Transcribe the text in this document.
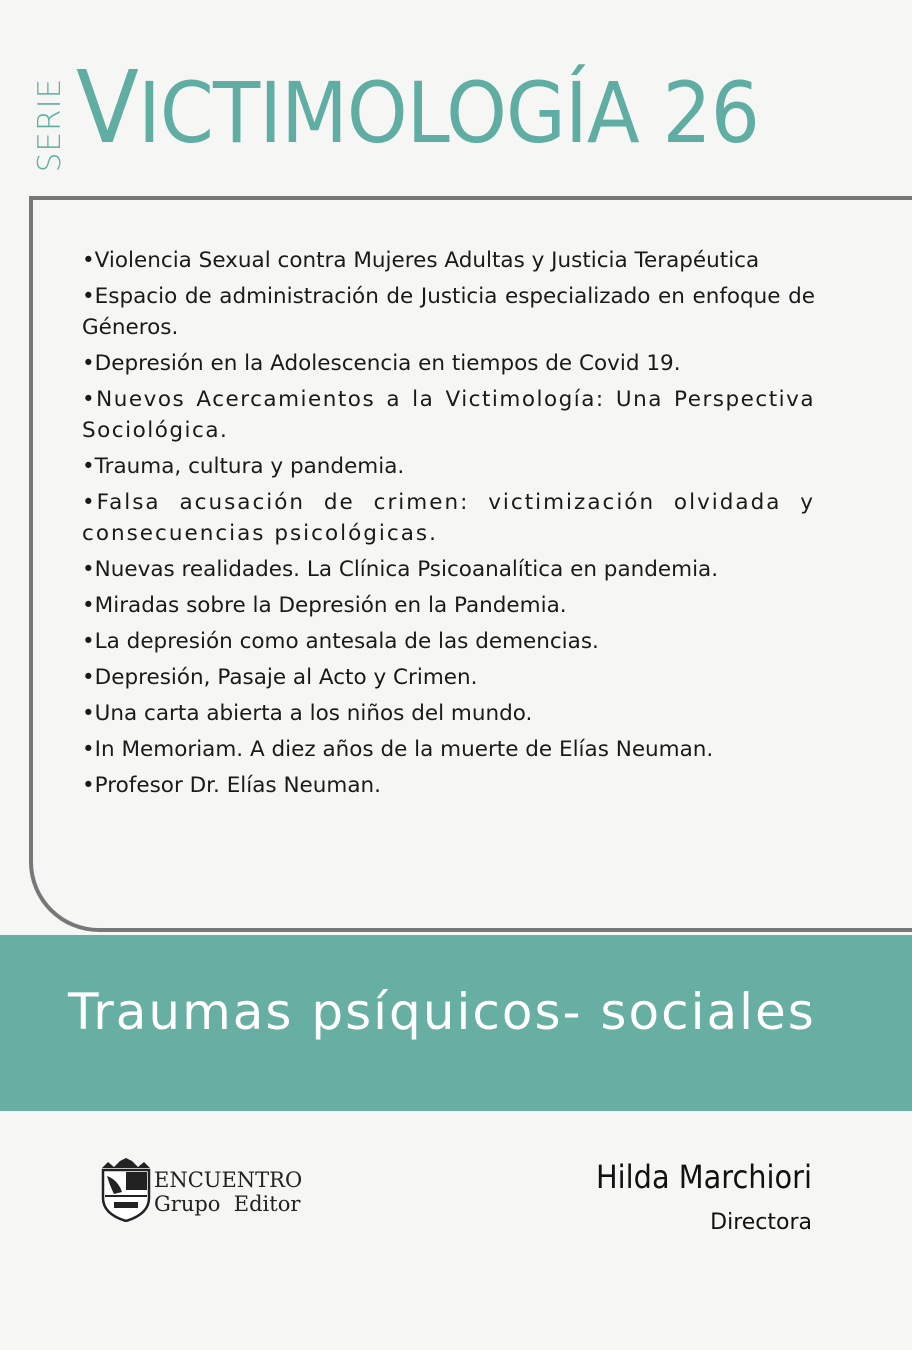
SERIE VICTIMOLOGÍA 26
•Violencia Sexual contra Mujeres Adultas y Justicia Terapéutica
•Espacio de administración de Justicia especializado en enfoque de Géneros.
•Depresión en la Adolescencia en tiempos de Covid 19.
•Nuevos Acercamientos a la Victimología: Una Perspectiva Sociológica.
•Trauma, cultura y pandemia.
•Falsa acusación de crimen: victimización olvidada y consecuencias psicológicas.
•Nuevas realidades. La Clínica Psicoanalítica en pandemia.
•Miradas sobre la Depresión en la Pandemia.
•La depresión como antesala de las demencias.
•Depresión, Pasaje al Acto y Crimen.
•Una carta abierta a los niños del mundo.
•In Memoriam. A diez años de la muerte de Elías Neuman.
•Profesor Dr. Elías Neuman.
Traumas psíquicos- sociales
ENCUENTRO
Grupo  Editor
Hilda Marchiori
Directora
